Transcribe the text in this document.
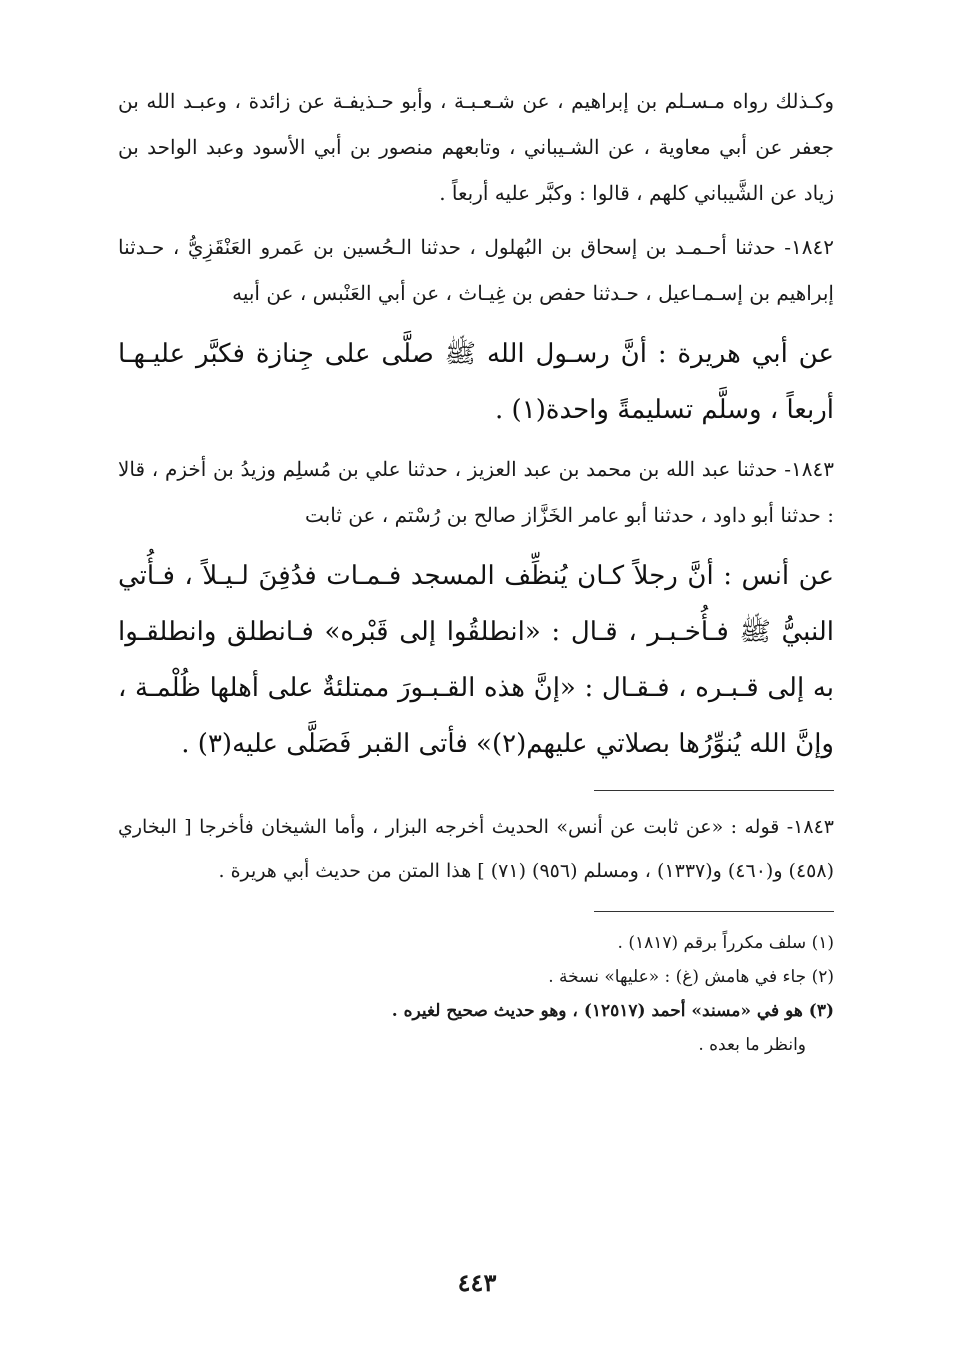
وكـذلك رواه مـسـلم بن إبراهيم ، عن شـعـبـة ، وأبو حـذيفـة عن زائدة ، وعبـد الله بن جعفر عن أبي معاوية ، عن الشـيباني ، وتابعهم منصور بن أبي الأسود وعبد الواحد بن زياد عن الشَّيباني كلهم ، قالوا : وكبَّر عليه أربعاً .

١٨٤٢- حدثنا أحـمـد بن إسحاق بن البُهلول ، حدثنا الـحُسين بن عَمرو العَنْقَزِيُّ ، حـدثنا إبراهيم بن إسـمـاعيل ، حـدثنا حفص بن غِيـاث ، عن أبي العَنْبس ، عن أبيه

عن أبي هريرة : أنَّ رسـول الله ﷺ صلَّى على جِنازة فكبَّر عليـهـا أربعاً ، وسلَّم تسليمةً واحدة(١) .

١٨٤٣- حدثنا عبد الله بن محمد بن عبد العزيز ، حدثنا علي بن مُسلِم وزيدُ بن أخزم ، قالا : حدثنا أبو داود ، حدثنا أبو عامر الخَزَّاز صالح بن رُسْتم ، عن ثابت

عن أنس : أنَّ رجلاً كـان يُنظِّف المسجد فـمـات فدُفِنَ لـيـلاً ، فـأُتي النبيُّ ﷺ فـأُخـبـر ، قـال : «انطلقُوا إلى قَبْره» فـانطلق وانطلقـوا به إلى قـبـره ، فـقـال : «إنَّ هذه القـبـورَ ممتلئةٌ على أهلها ظُلْمـة ، وإنَّ الله يُنوِّرُها بصلاتي عليهم(٢)» فأتى القبر فَصَلَّى عليه(٣) .

١٨٤٣- قوله : «عن ثابت عن أنس» الحديث أخرجه البزار ، وأما الشيخان فأخرجا [ البخاري (٤٥٨) و(٤٦٠) و(١٣٣٧) ، ومسلم (٩٥٦) (٧١) ] هذا المتن من حديث أبي هريرة .

(١) سلف مكرراً برقم (١٨١٧) .
(٢) جاء في هامش (غ) : «عليها» نسخة .
(٣) هو في «مسند» أحمد (١٢٥١٧) ، وهو حديث صحيح لغيره .
وانظر ما بعده .
٤٤٣
